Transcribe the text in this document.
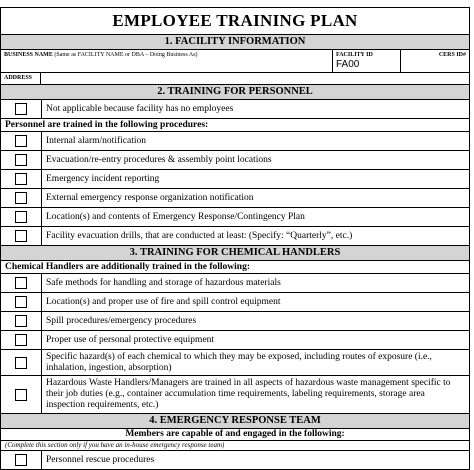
EMPLOYEE TRAINING PLAN
1. FACILITY INFORMATION
BUSINESS NAME (Same as FACILITY NAME or DBA – Doing Business As)	FACILITY ID
FA00
CERS ID#
ADDRESS
2. TRAINING FOR PERSONNEL
Not applicable because facility has no employees
Personnel are trained in the following procedures:
Internal alarm/notification
Evacuation/re-entry procedures & assembly point locations
Emergency incident reporting
External emergency response organization notification
Location(s) and contents of Emergency Response/Contingency Plan
Facility evacuation drills, that are conducted at least: (Specify: “Quarterly”, etc.)
3. TRAINING FOR CHEMICAL HANDLERS
Chemical Handlers are additionally trained in the following:
Safe methods for handling and storage of hazardous materials
Location(s) and proper use of fire and spill control equipment
Spill procedures/emergency procedures
Proper use of personal protective equipment
Specific hazard(s) of each chemical to which they may be exposed, including routes of exposure (i.e., inhalation, ingestion, absorption)
Hazardous Waste Handlers/Managers are trained in all aspects of hazardous waste management specific to their job duties (e.g., container accumulation time requirements, labeling requirements, storage area inspection requirements, etc.)
4. EMERGENCY RESPONSE TEAM
Members are capable of and engaged in the following:
(Complete this section only if you have an in-house emergency response team)
Personnel rescue procedures
